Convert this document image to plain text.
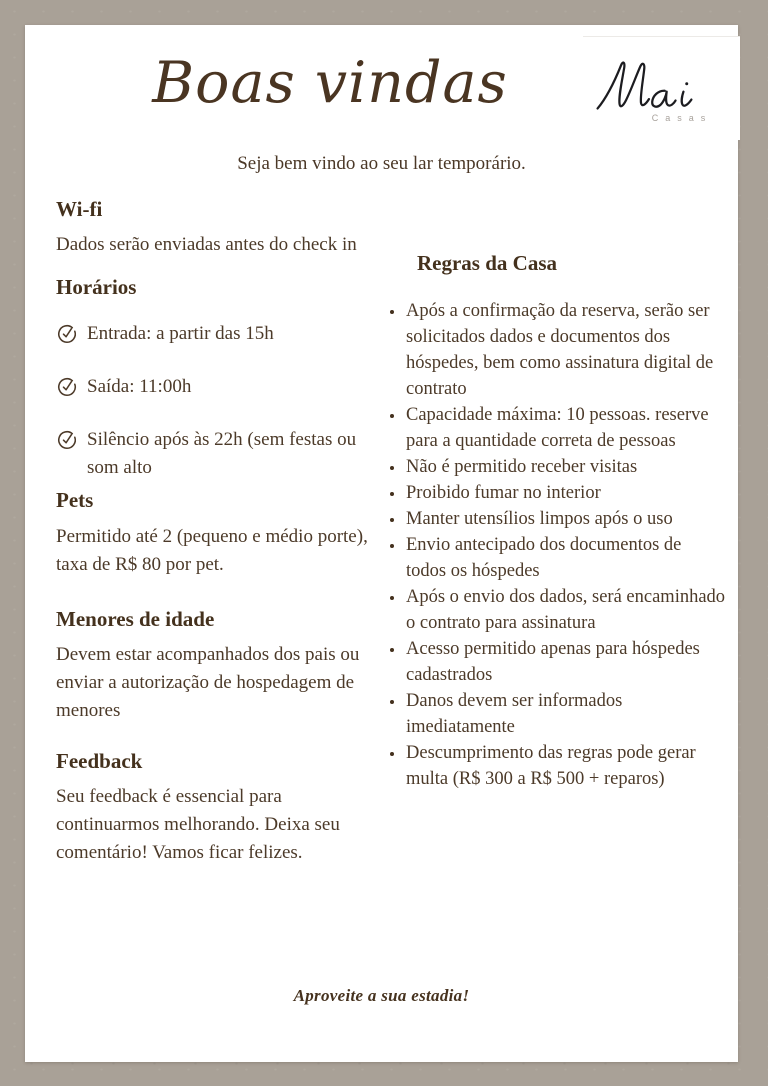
Boas vindas
Casas
Seja bem vindo ao seu lar temporário.
Wi-fi

Dados serão enviadas antes do check in

Horários
Entrada: a partir das 15h
Saída: 11:00h
Silêncio após às 22h (sem festas ou som alto
Pets

Permitido até 2 (pequeno e médio porte), taxa de R$ 80 por pet.

Menores de idade

Devem estar acompanhados dos pais ou enviar a autorização de hospedagem de menores

Feedback

Seu feedback é essencial para continuarmos melhorando. Deixa seu comentário! Vamos ficar felizes.

Regras da Casa
• Após a confirmação da reserva, serão ser solicitados dados e documentos dos hóspedes, bem como assinatura digital de contrato
• Capacidade máxima: 10 pessoas. reserve para a quantidade correta de pessoas
• Não é permitido receber visitas
• Proibido fumar no interior
• Manter utensílios limpos após o uso
• Envio antecipado dos documentos de todos os hóspedes
• Após o envio dos dados, será encaminhado o contrato para assinatura
• Acesso permitido apenas para hóspedes cadastrados
• Danos devem ser informados imediatamente
• Descumprimento das regras pode gerar multa (R$ 300 a R$ 500 + reparos)
Aproveite a sua estadia!
